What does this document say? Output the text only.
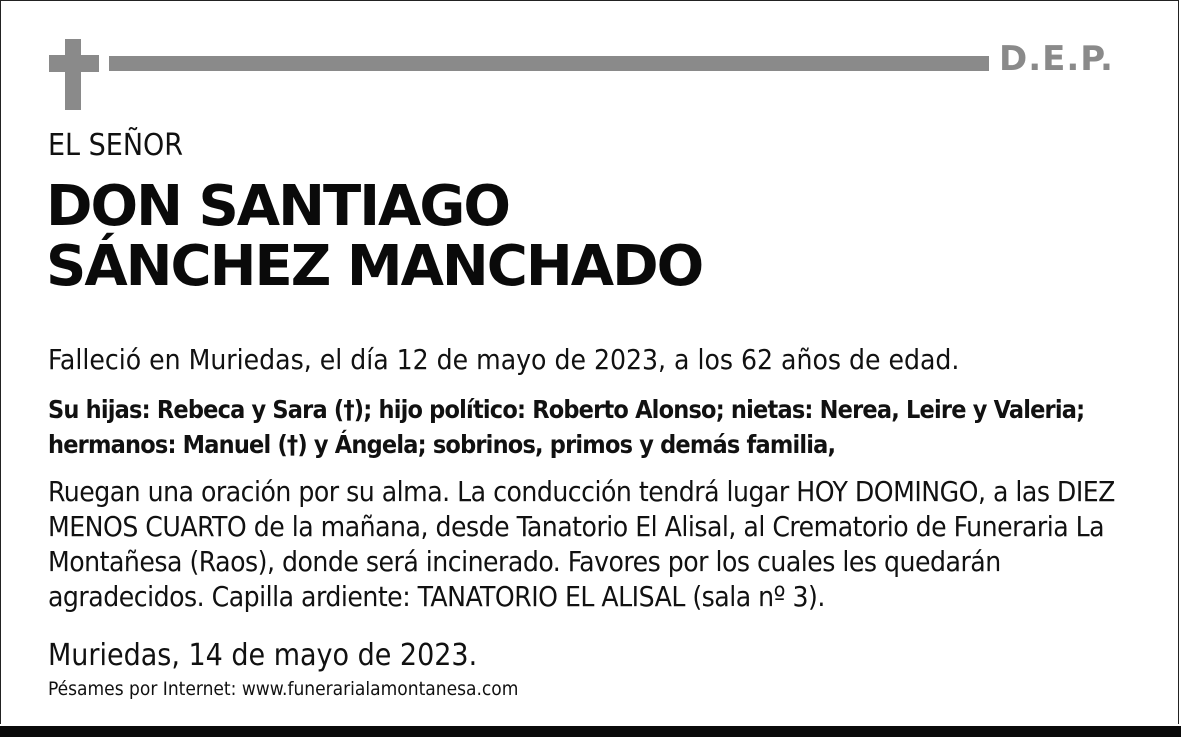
D.E.P.
EL SEÑOR
DON SANTIAGO
SÁNCHEZ MANCHADO

Falleció en Muriedas, el día 12 de mayo de 2023, a los 62 años de edad.

Su hijas: Rebeca y Sara (†); hijo político: Roberto Alonso; nietas: Nerea, Leire y Valeria; hermanos: Manuel (†) y Ángela; sobrinos, primos y demás familia,

Ruegan una oración por su alma. La conducción tendrá lugar HOY DOMINGO, a las DIEZ MENOS CUARTO de la mañana, desde Tanatorio El Alisal, al Crematorio de Funeraria La Montañesa (Raos), donde será incinerado. Favores por los cuales les quedarán agradecidos. Capilla ardiente: TANATORIO EL ALISAL (sala nº 3).

Muriedas, 14 de mayo de 2023.

Pésames por Internet: www.funerarialamontanesa.com
